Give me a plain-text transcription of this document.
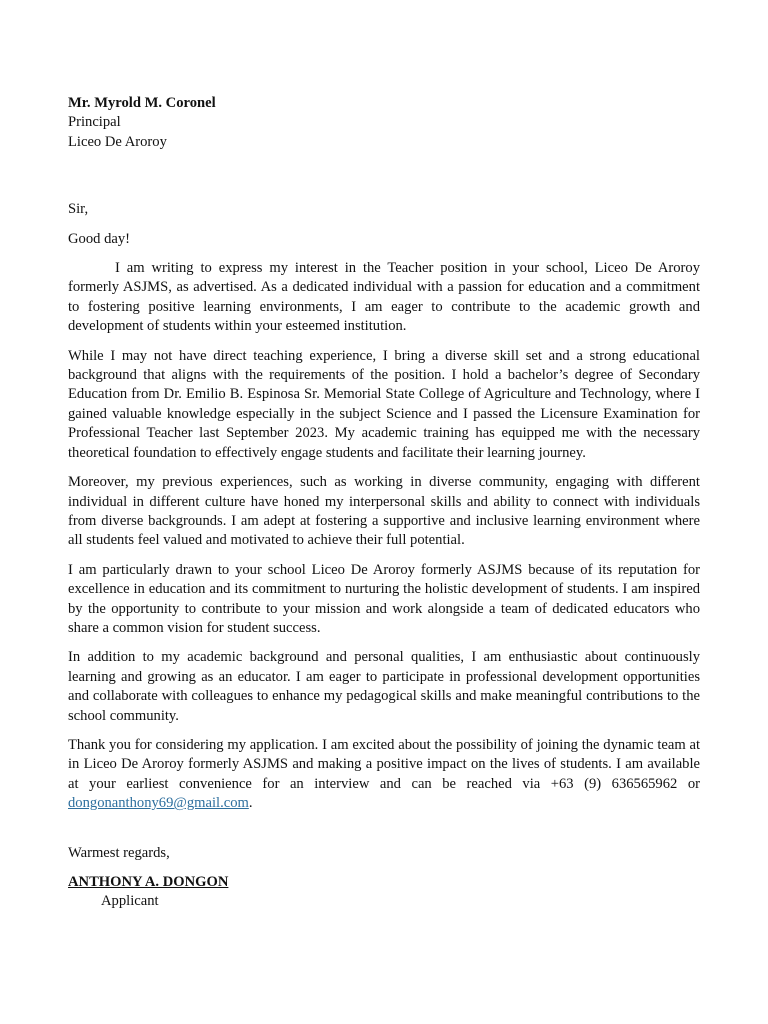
Mr. Myrold M. Coronel
Principal
Liceo De Aroroy
Sir,
Good day!

I am writing to express my interest in the Teacher position in your school, Liceo De Aroroy formerly ASJMS, as advertised. As a dedicated individual with a passion for education and a commitment to fostering positive learning environments, I am eager to contribute to the academic growth and development of students within your esteemed institution.

While I may not have direct teaching experience, I bring a diverse skill set and a strong educational background that aligns with the requirements of the position. I hold a bachelor’s degree of Secondary Education from Dr. Emilio B. Espinosa Sr. Memorial State College of Agriculture and Technology, where I gained valuable knowledge especially in the subject Science and I passed the Licensure Examination for Professional Teacher last September 2023. My academic training has equipped me with the necessary theoretical foundation to effectively engage students and facilitate their learning journey.

Moreover, my previous experiences, such as working in diverse community, engaging with different individual in different culture have honed my interpersonal skills and ability to connect with individuals from diverse backgrounds. I am adept at fostering a supportive and inclusive learning environment where all students feel valued and motivated to achieve their full potential.

I am particularly drawn to your school Liceo De Aroroy formerly ASJMS because of its reputation for excellence in education and its commitment to nurturing the holistic development of students. I am inspired by the opportunity to contribute to your mission and work alongside a team of dedicated educators who share a common vision for student success.

In addition to my academic background and personal qualities, I am enthusiastic about continuously learning and growing as an educator. I am eager to participate in professional development opportunities and collaborate with colleagues to enhance my pedagogical skills and make meaningful contributions to the school community.

Thank you for considering my application. I am excited about the possibility of joining the dynamic team at in Liceo De Aroroy formerly ASJMS and making a positive impact on the lives of students. I am available at your earliest convenience for an interview and can be reached via +63 (9) 636565962 or dongonanthony69@gmail.com.

Warmest regards,
ANTHONY A. DONGON
Applicant
